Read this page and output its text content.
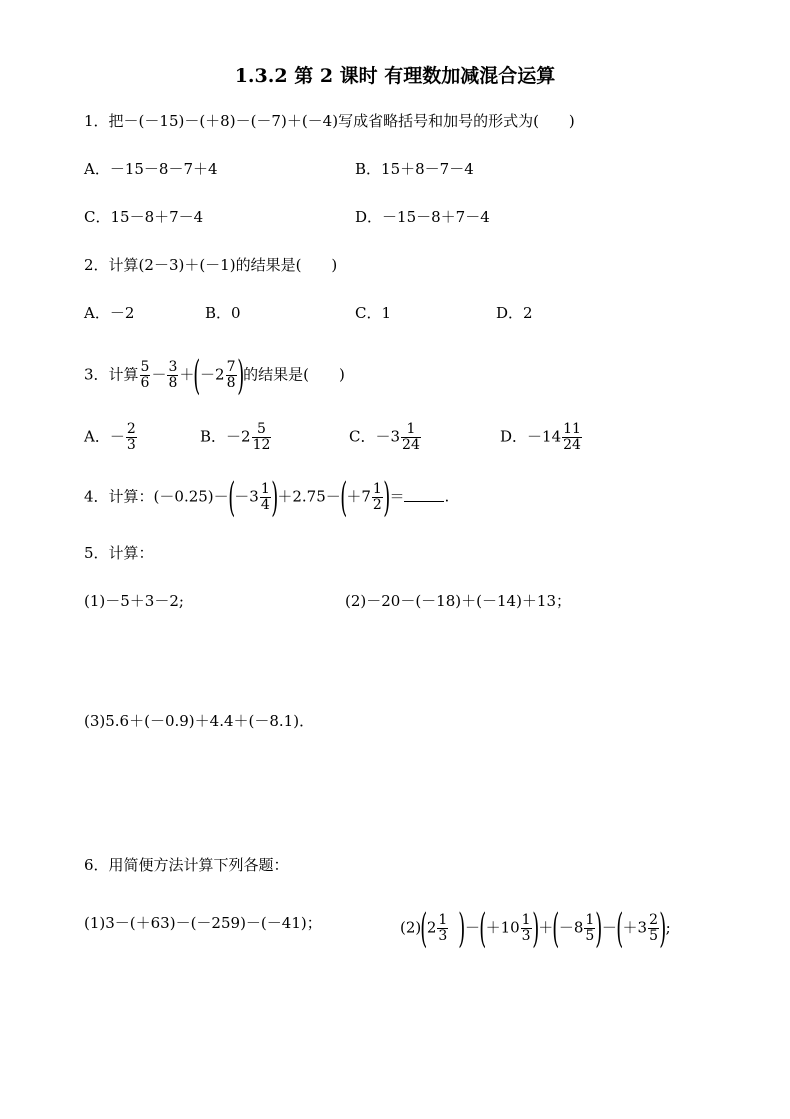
1.3.2 第 2 课时 有理数加减混合运算
1．把－(－15)－(＋8)－(－7)＋(－4)写成省略括号和加号的形式为(　　)
A．－15－8－7＋4	B．15＋8－7－4
C．15－8＋7－4	D．－15－8＋7－4
2．计算(2－3)＋(－1)的结果是(　　)
A．－2	B．0	C．1	D．2
3．计算 $\frac{5}{6} - \frac{3}{8} +(-2 \frac{7}{8}$ )的结果是(　　)
A．－ $\frac{2}{3}$	B．$-2 \frac{5}{12}$	C．$-3 \frac{1}{24}$	D．$-14 \frac{11}{24}$
4．计算：$(-0.25)-(-3 \frac{1}{4} )+2.75-(+7 \frac{1}{2}$ )＝	.
5．计算：
(1)－5＋3－2;	(2)－20－(－18)＋(－14)＋13；
(3)5.6＋(－0.9)＋4.4＋(－8.1)．
6．用简便方法计算下列各题：
(1)3－(＋63)－(－259)－(－41)；	$(2)(2 \frac{1}{3} )-(+10 \frac{1}{3} )+(-8 \frac{1}{5} )-(+3 \frac{2}{5}$ );
